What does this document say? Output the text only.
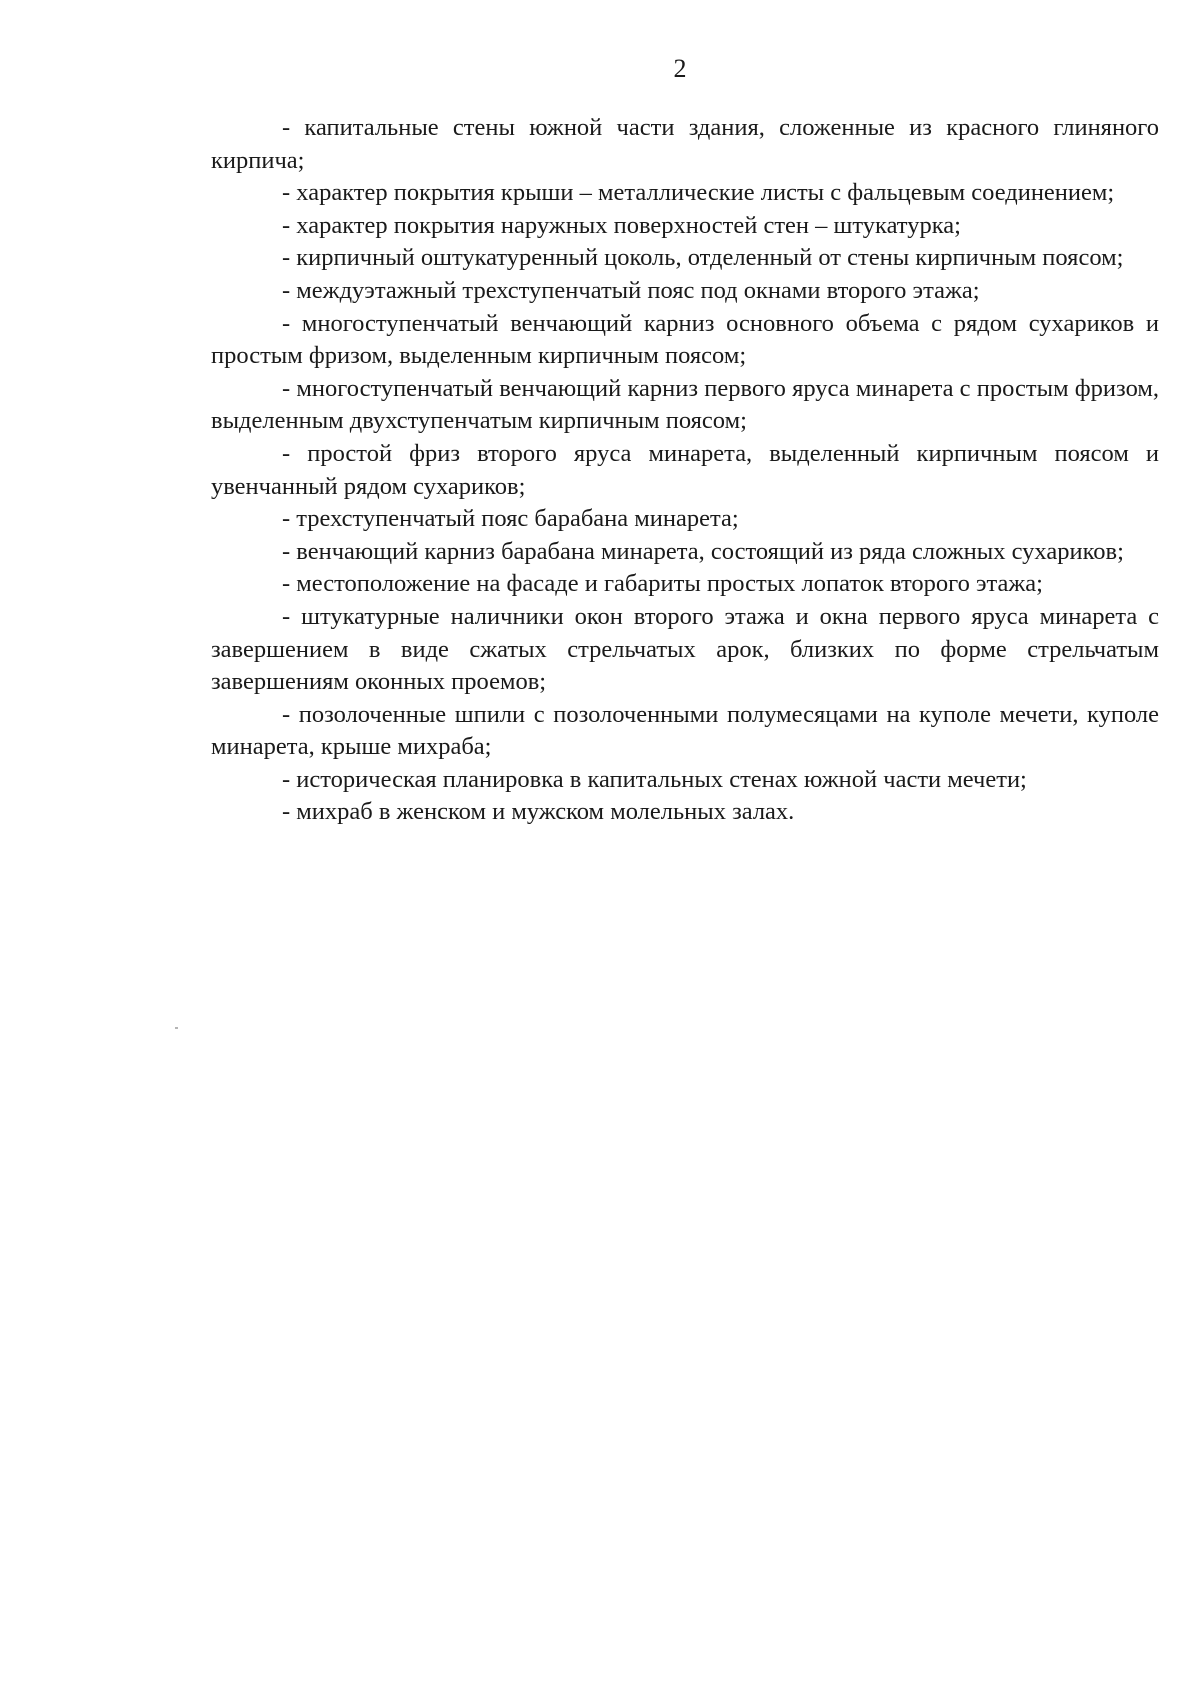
2

- капитальные стены южной части здания, сложенные из красного глиняного кирпича;

- характер покрытия крыши – металлические листы с фальцевым соединением;

- характер покрытия наружных поверхностей стен – штукатурка;

- кирпичный оштукатуренный цоколь, отделенный от стены кирпичным поясом;

- междуэтажный трехступенчатый пояс под окнами второго этажа;

- многоступенчатый венчающий карниз основного объема с рядом сухариков и простым фризом, выделенным кирпичным поясом;

- многоступенчатый венчающий карниз первого яруса минарета с простым фризом, выделенным двухступенчатым кирпичным поясом;

- простой фриз второго яруса минарета, выделенный кирпичным поясом и увенчанный рядом сухариков;

- трехступенчатый пояс барабана минарета;

- венчающий карниз барабана минарета, состоящий из ряда сложных сухариков;

- местоположение на фасаде и габариты простых лопаток второго этажа;

- штукатурные наличники окон второго этажа и окна первого яруса минарета с завершением в виде сжатых стрельчатых арок, близких по форме стрельчатым завершениям оконных проемов;

- позолоченные шпили с позолоченными полумесяцами на куполе мечети, куполе минарета, крыше михраба;

- историческая планировка в капитальных стенах южной части мечети;

- михраб в женском и мужском молельных залах.
